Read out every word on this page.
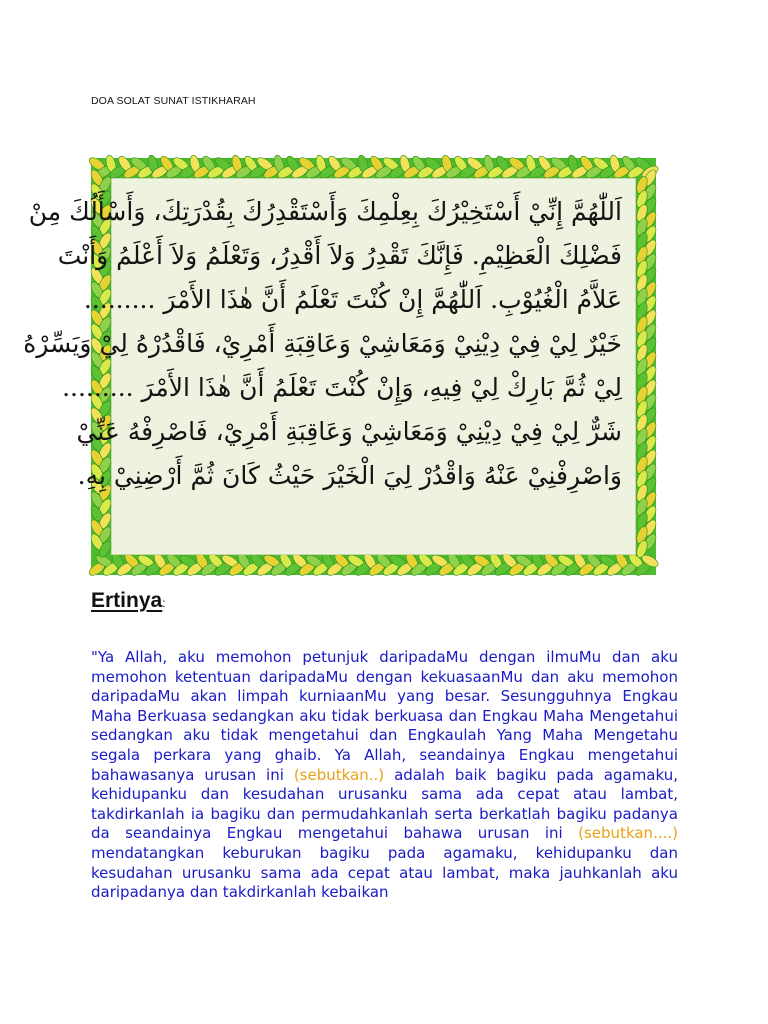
DOA SOLAT SUNAT ISTIKHARAH
اَللّٰهُمَّ إِنِّيْ أَسْتَخِيْرُكَ بِعِلْمِكَ وَأَسْتَقْدِرُكَ بِقُدْرَتِكَ، وَأَسْأَلُكَ مِنْ
فَضْلِكَ الْعَظِيْمِ. فَإِنَّكَ تَقْدِرُ وَلاَ أَقْدِرُ، وَتَعْلَمُ وَلاَ أَعْلَمُ وَأَنْتَ
عَلاَّمُ الْغُيُوْبِ. اَللّٰهُمَّ إِنْ كُنْتَ تَعْلَمُ أَنَّ هٰذَا الأَمْرَ .........
خَيْرٌ لِيْ فِيْ دِيْنِيْ وَمَعَاشِيْ وَعَاقِبَةِ أَمْرِيْ، فَاقْدُرْهُ لِيْ وَيَسِّرْهُ
لِيْ ثُمَّ بَارِكْ لِيْ فِيهِ، وَإِنْ كُنْتَ تَعْلَمُ أَنَّ هٰذَا الأَمْرَ .........
شَرٌّ لِيْ فِيْ دِيْنِيْ وَمَعَاشِيْ وَعَاقِبَةِ أَمْرِيْ، فَاصْرِفْهُ عَنِّيْ
وَاصْرِفْنِيْ عَنْهُ وَاقْدُرْ لِيَ الْخَيْرَ حَيْثُ كَانَ ثُمَّ أَرْضِنِيْ بِهِ.
Ertinya:
"Ya Allah, aku memohon petunjuk daripadaMu dengan ilmuMu dan aku memohon ketentuan daripadaMu dengan kekuasaanMu dan aku memohon daripadaMu akan limpah kurniaanMu yang besar. Sesungguhnya Engkau Maha Berkuasa sedangkan aku tidak berkuasa dan Engkau Maha Mengetahui sedangkan aku tidak mengetahui dan Engkaulah Yang Maha Mengetahu segala perkara yang ghaib. Ya Allah, seandainya Engkau mengetahui bahawasanya urusan ini (sebutkan..) adalah baik bagiku pada agamaku, kehidupanku dan kesudahan urusanku sama ada cepat atau lambat, takdirkanlah ia bagiku dan permudahkanlah serta berkatlah bagiku padanya da seandainya Engkau mengetahui bahawa urusan ini (sebutkan....) mendatangkan keburukan bagiku pada agamaku, kehidupanku dan kesudahan urusanku sama ada cepat atau lambat, maka jauhkanlah aku daripadanya dan takdirkanlah kebaikan
